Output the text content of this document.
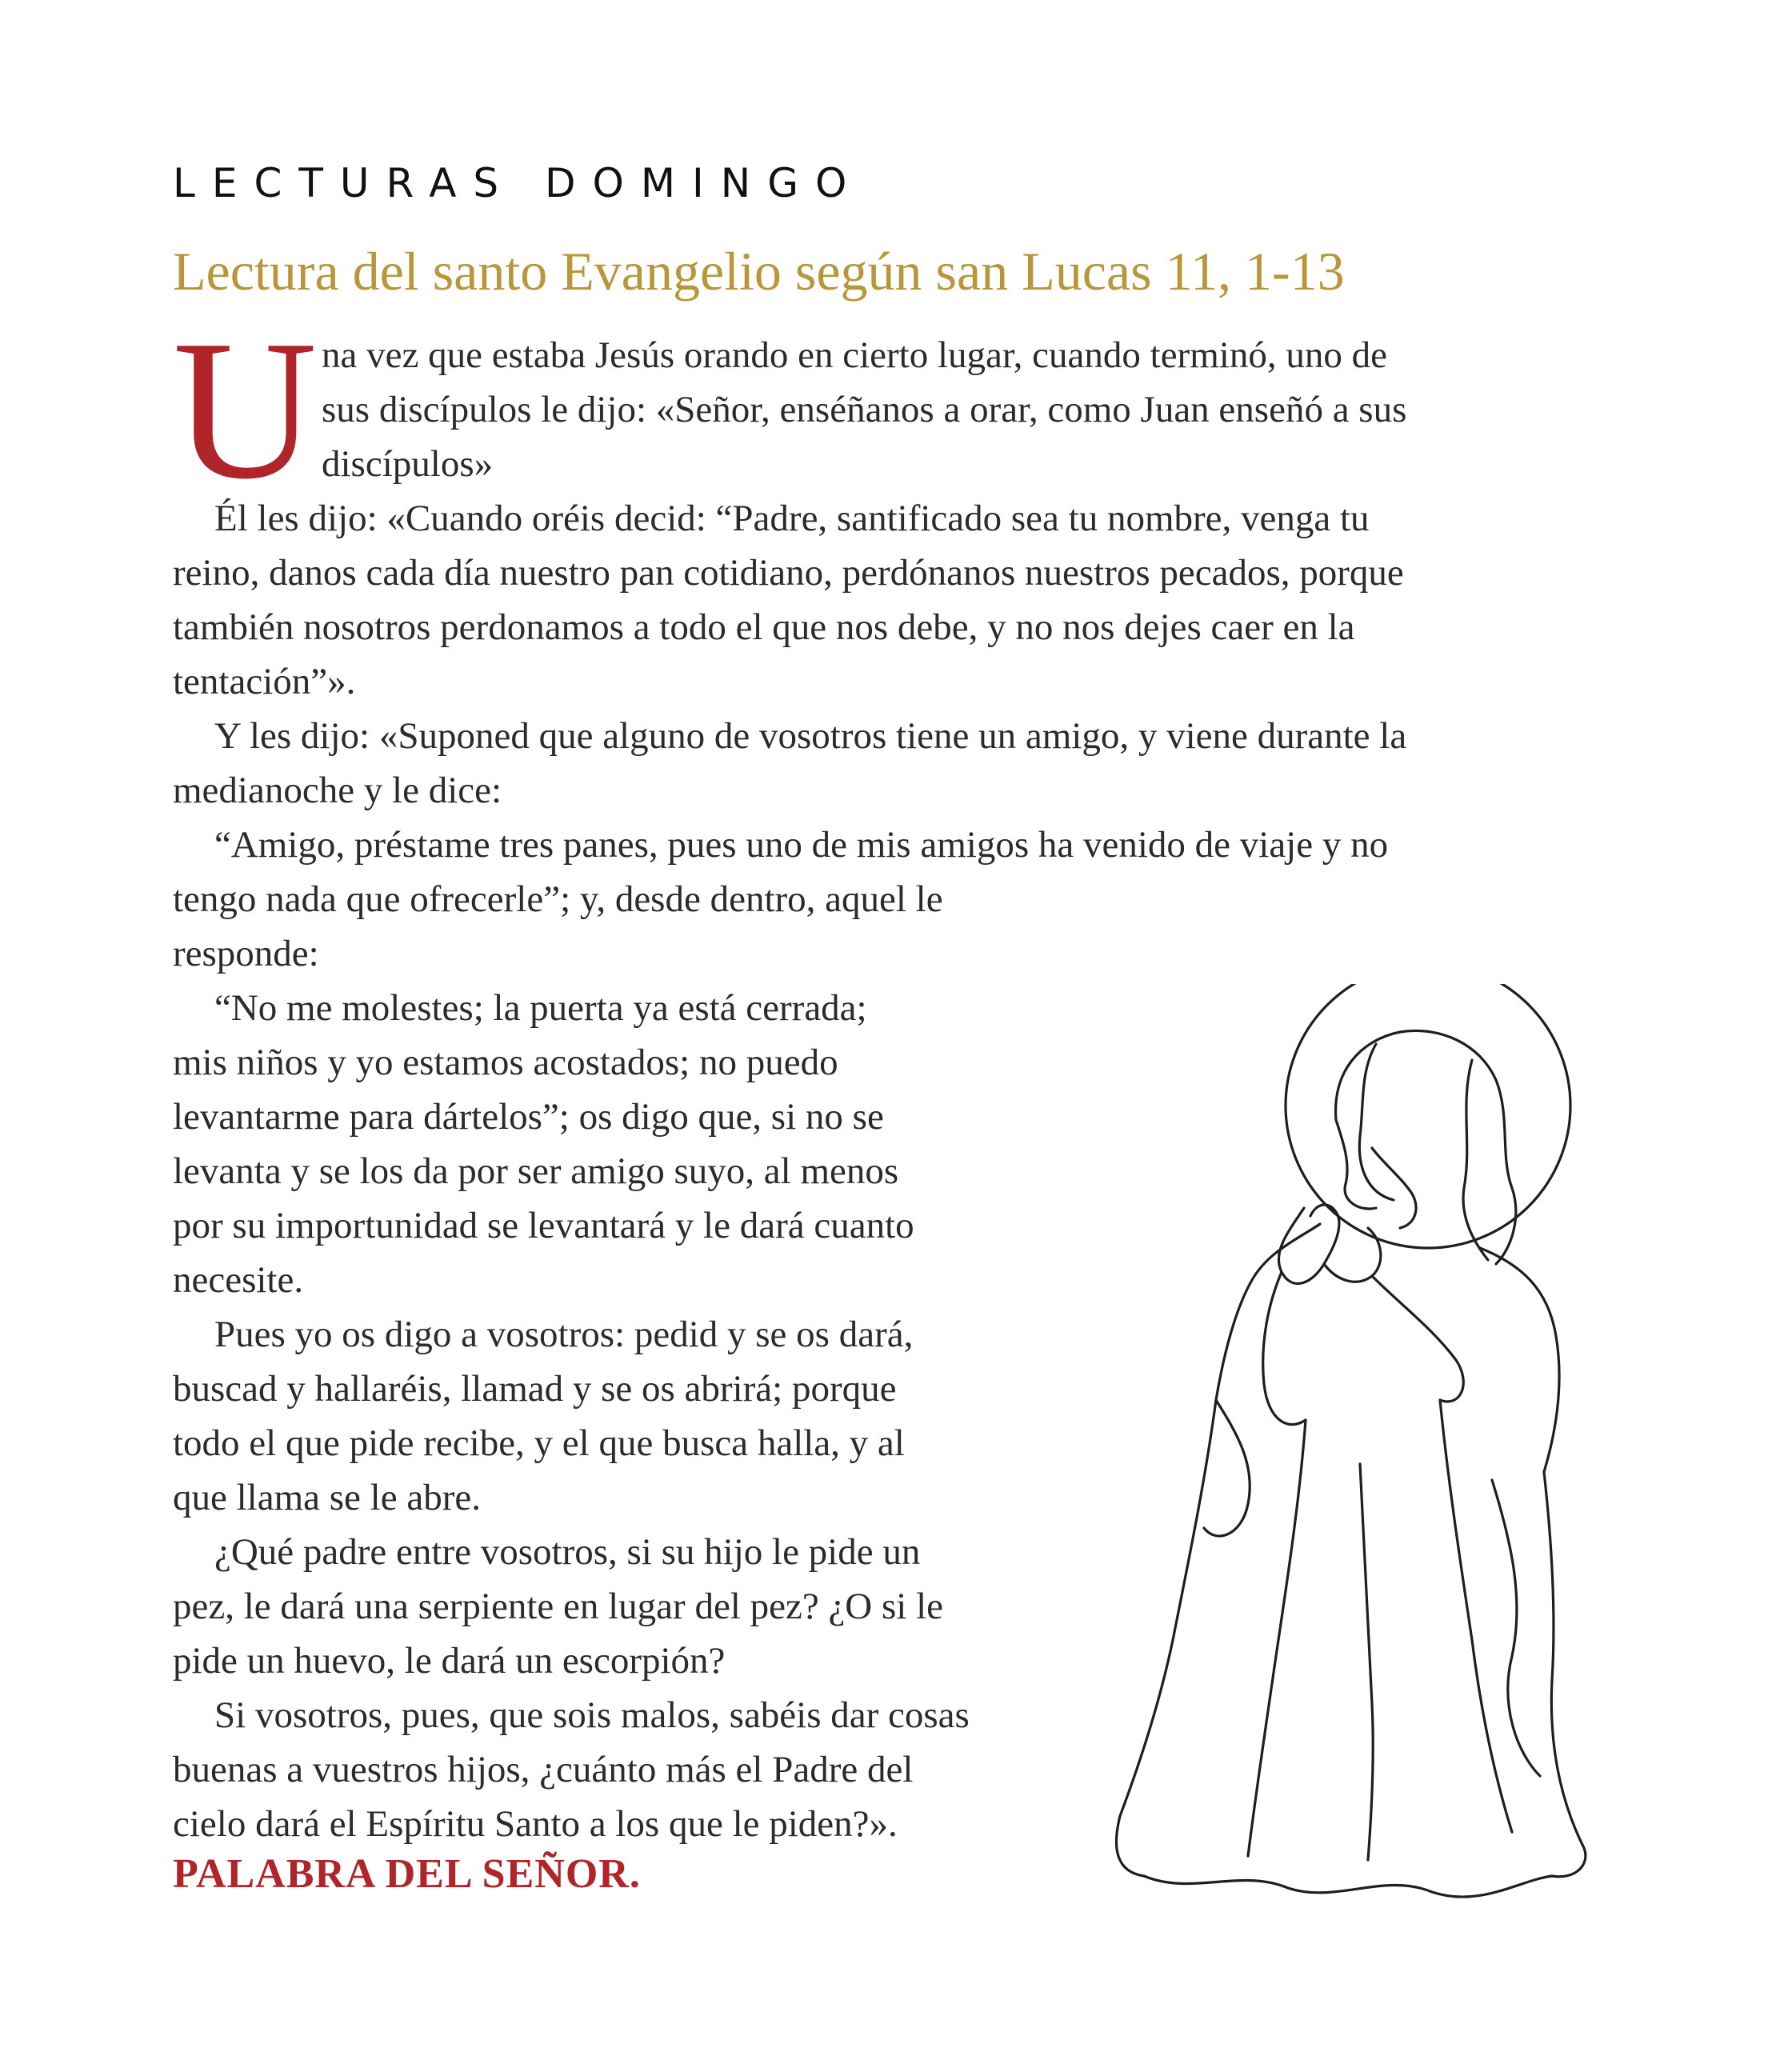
LECTURAS DOMINGO
Lectura del santo Evangelio según san Lucas 11, 1-13
U na vez que estaba Jesús orando en cierto lugar, cuando terminó, uno de
sus discípulos le dijo: «Señor, enséñanos a orar, como Juan enseñó a sus
discípulos»
Él les dijo: «Cuando oréis decid: “Padre, santificado sea tu nombre, venga tu
reino, danos cada día nuestro pan cotidiano, perdónanos nuestros pecados, porque
también nosotros perdonamos a todo el que nos debe, y no nos dejes caer en la
tentación”».
Y les dijo: «Suponed que alguno de vosotros tiene un amigo, y viene durante la
medianoche y le dice:
“Amigo, préstame tres panes, pues uno de mis amigos ha venido de viaje y no
tengo nada que ofrecerle”; y, desde dentro, aquel le
responde:
“No me molestes; la puerta ya está cerrada;
mis niños y yo estamos acostados; no puedo
levantarme para dártelos”; os digo que, si no se
levanta y se los da por ser amigo suyo, al menos
por su importunidad se levantará y le dará cuanto
necesite.
Pues yo os digo a vosotros: pedid y se os dará,
buscad y hallaréis, llamad y se os abrirá; porque
todo el que pide recibe, y el que busca halla, y al
que llama se le abre.
¿Qué padre entre vosotros, si su hijo le pide un
pez, le dará una serpiente en lugar del pez? ¿O si le
pide un huevo, le dará un escorpión?
Si vosotros, pues, que sois malos, sabéis dar cosas
buenas a vuestros hijos, ¿cuánto más el Padre del
cielo dará el Espíritu Santo a los que le piden?».
PALABRA DEL SEÑOR.
